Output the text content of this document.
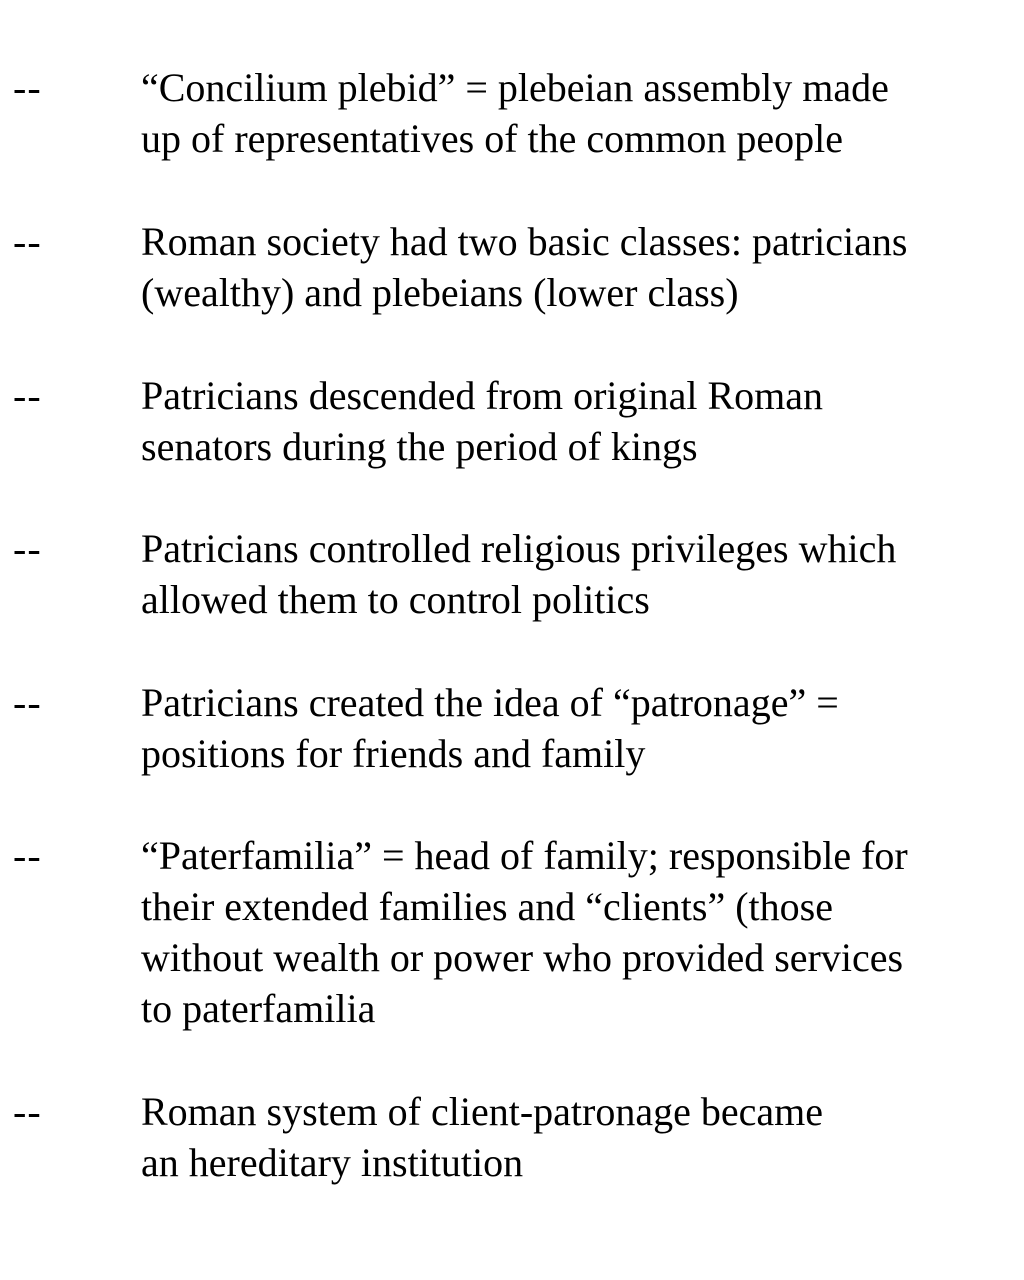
-- “Concilium plebid” = plebeian assembly made
up of representatives of the common people
-- Roman society had two basic classes: patricians
(wealthy) and plebeians (lower class)
-- Patricians descended from original Roman
senators during the period of kings
-- Patricians controlled religious privileges which
allowed them to control politics
-- Patricians created the idea of “patronage” =
positions for friends and family
-- “Paterfamilia” = head of family; responsible for
their extended families and “clients” (those
without wealth or power who provided services
to paterfamilia
-- Roman system of client-patronage became
an hereditary institution
